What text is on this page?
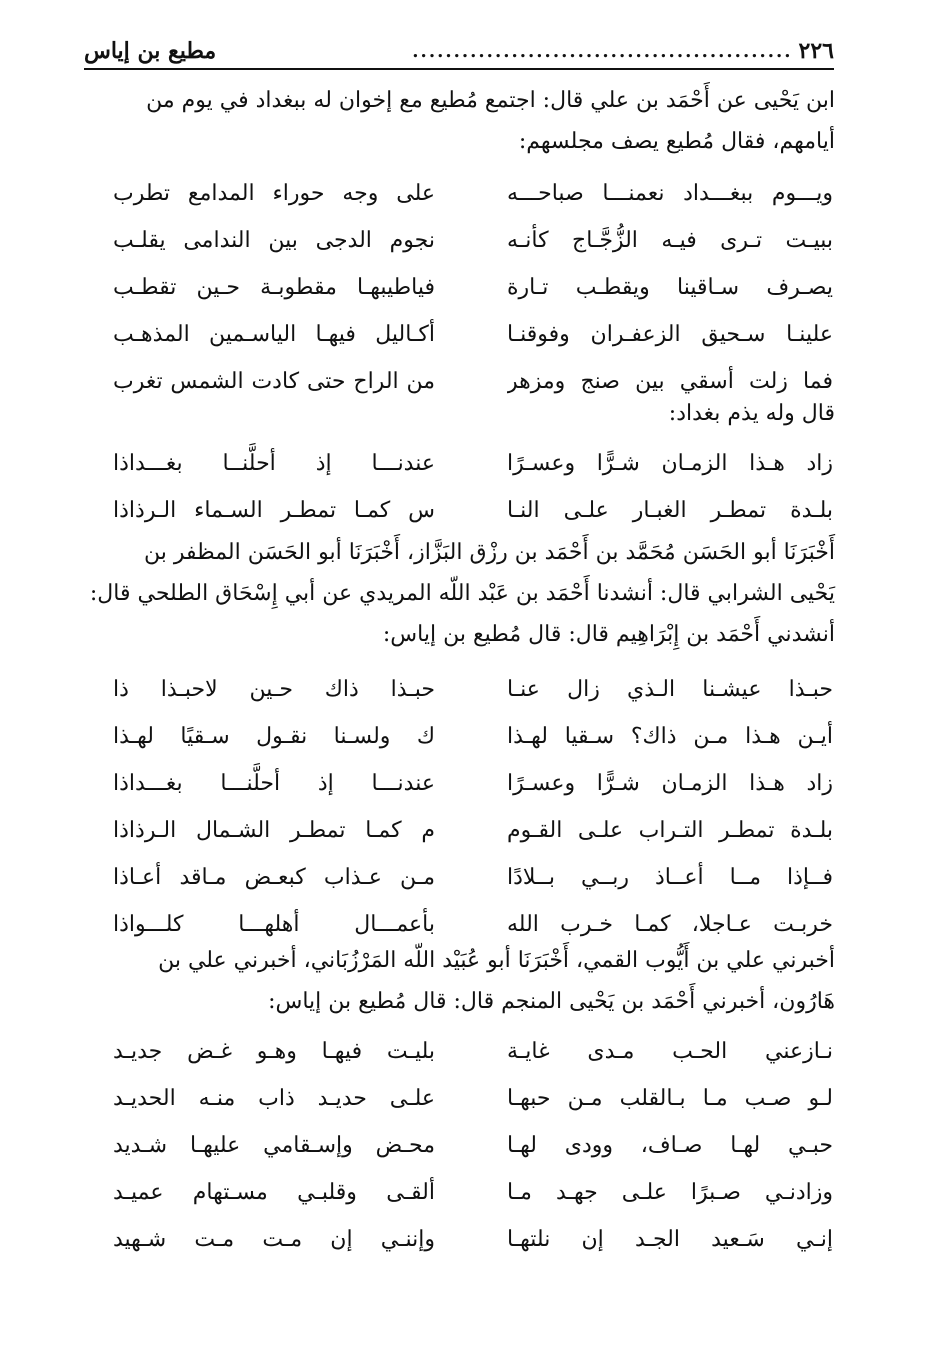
٢٢٦
..............................................
مطيع بن إياس
ابن يَحْيى عن أَحْمَد بن علي قال: اجتمع مُطيع مع إخوان له ببغداد في يوم من
أيامهم، فقال مُطيع يصف مجلسهم:
ويـــوم ببغـــداد نعمنـــا صباحـــه
على وجه حوراء المدامع تطرب
ببيـت تـرى فيـه الزُّجَّـاج كأنـه
نجوم الدجى بين الندامى يقلـب
يصـرف سـاقينا ويقطـب تـارة
فياطيبهـا مقطوبـة حـين تقطـب
علينـا سـحيق الزعفـران وفوقنـا
أكـاليل فيهـا الياسـمين المذهـب
فما زلت أسقي بين صنج ومزهر
من الراح حتى كادت الشمس تغرب
قال وله يذم بغداد:
زاد هـذا الزمـان شـرًّا وعسـرًا
عندنـــا إذ أحلَّنــا بغـــداذا
بلـدة تمطـر الغبـار علـى النـا
س كمـا تمطـر السـماء الـرذاذا
أَخْبَرَنَا أبو الحَسَن مُحَمَّد بن أَحْمَد بن رزْق البَزَّاز، أَخْبَرَنَا أبو الحَسَن المظفر بن
يَحْيى الشرابي قال: أنشدنا أَحْمَد بن عَبْد اللّه المريدي عن أبي إِسْحَاق الطلحي قال:
أنشدني أَحْمَد بن إِبْرَاهِيم قال: قال مُطيع بن إياس:
حبـذا عيشـنا الـذي زال عنـا
حبـذا ذاك حـين لاحبـذا ذا
أيـن هـذا مـن ذاك؟ سـقيا لهـذا
ك ولسـنا نقـول سـقيًا لهـذا
زاد هـذا الزمـان شـرًّا وعسـرًا
عندنـــا إذ أحلَّنـــا بغـــداذا
بلـدة تمطـر التـراب علـى القـوم
م كمـا تمطـر الشـمال الـرذاذا
فــإذا مــا أعــاذ ربــي بــلادًا
مـن عـذاب كبعـض مـاقد أعـاذا
خربـت عـاجلا، كمـا خـرب الله
بأعمـــال أهلهـــا كلـــواذا
أخبرني علي بن أَيُّوب القمي، أَخْبَرَنَا أبو عُبَيْد اللّه المَرْزُبَاني، أخبرني علي بن
هَارُون، أخبرني أَحْمَد بن يَحْيى المنجم قال: قال مُطيع بن إياس:
نـازعني الحـب مـدى غايـة
بليـت فيهـا وهـو غـض جديـد
لـو صـب مـا بـالقلب مـن حبهـا
علـى حديـد ذاب منـه الحديـد
حبـي لهـا صـاف، وودى لهـا
محـض وإسـقامي عليهـا شـديد
وزادنـي صـبرًا علـى جهـد مـا
ألقـى وقلبـي مسـتهام عميـد
إنـي سَـعيد الجـد إن نلتهـا
وإننـي إن مـت مـت شـهيد
